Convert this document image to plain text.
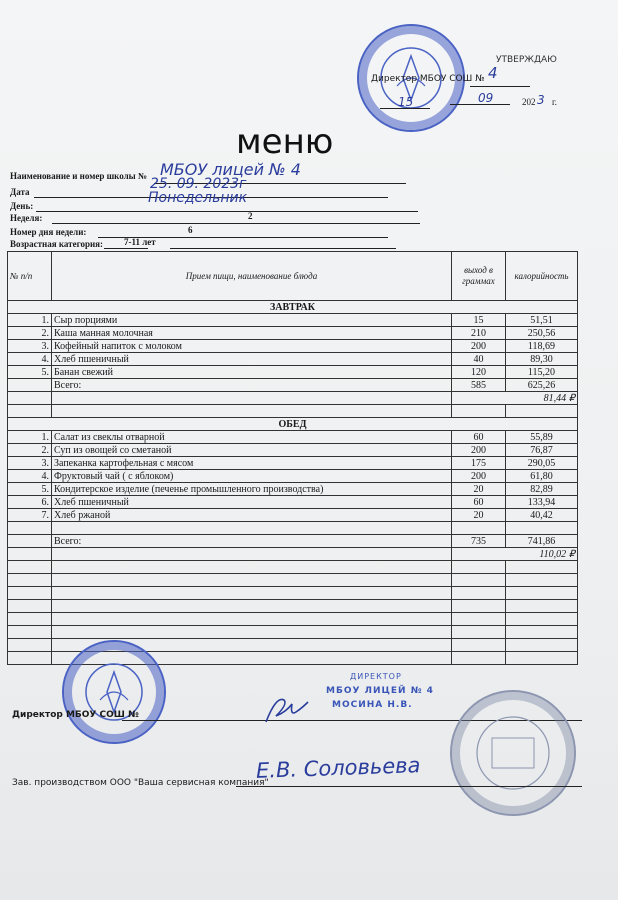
УТВЕРЖДАЮ
Директор МБОУ СОШ № 4
15	09	202 3 г.
меню
Наименование и номер школы № МБОУ лицей № 4
Дата	25. 09. 2023г
День:	Понедельник
Неделя:	2
Номер дня недели:	6
Возрастная категория: 7-11 лет
№ п/п	Прием пищи, наименование блюда	выход в граммах	калорийность
ЗАВТРАК			
1.	Сыр порциями	15	51,51
2.	Каша манная молочная	210	250,56
3.	Кофейный напиток с молоком	200	118,69
4.	Хлеб пшеничный	40	89,30
5.	Банан свежий	120	115,20
	Всего:	585	625,26
		81,44 ₽	

ОБЕД			
1.	Салат из свеклы отварной	60	55,89
2.	Суп из овощей со сметаной	200	76,87
3.	Запеканка картофельная с мясом	175	290,05
4.	Фруктовый чай ( с яблоком)	200	61,80
5.	Кондитерское изделие (печенье промышленного производства)	20	82,89
6.	Хлеб пшеничный	60	133,94
7.	Хлеб ржаной	20	40,42

	Всего:	735	741,86
		110,02 ₽	

Директор МБОУ СОШ №
ДИРЕКТОР
МБОУ ЛИЦЕЙ № 4
МОСИНА Н.В.
Зав. производством ООО "Ваша сервисная компания"
Е.В. Соловьева
